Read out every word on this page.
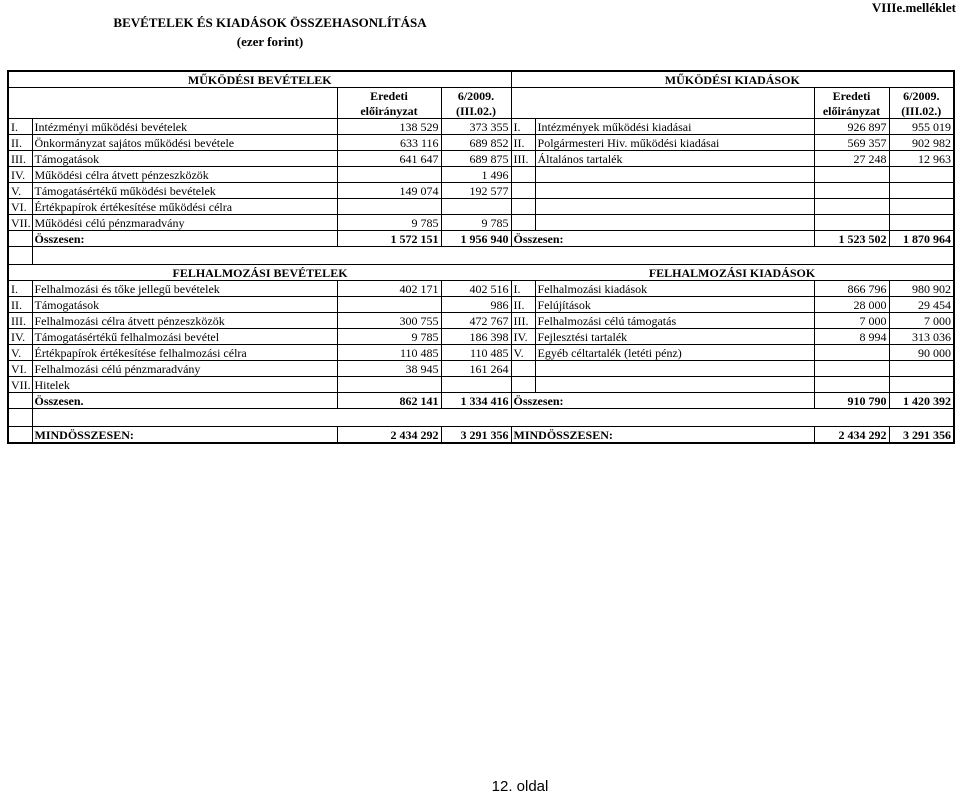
BEVÉTELEK ÉS KIADÁSOK ÖSSZEHASONLÍTÁSA
(ezer forint)
VIIIe.melléklet
MŰKÖDÉSI BEVÉTELEK				MŰKÖDÉSI KIADÁSOK			
		Eredeti	6/2009.			Eredeti	6/2009.
		előirányzat	(III.02.)			előirányzat	(III.02.)
I.	Intézményi működési bevételek	138 529	373 355	I.	Intézmények működési kiadásai	926 897	955 019
II.	Önkormányzat sajátos működési bevétele	633 116	689 852	II.	Polgármesteri Hiv. működési kiadásai	569 357	902 982
III.	Támogatások	641 647	689 875	III.	Általános tartalék	27 248	12 963
IV.	Működési célra átvett pénzeszközök		1 496				
V.	Támogatásértékű működési bevételek	149 074	192 577				
VI.	Értékpapírok értékesítése működési célra						
VII.	Működési célú pénzmaradvány	9 785	9 785				
	Összesen:	1 572 151	1 956 940	Összesen:		1 523 502	1 870 964

FELHALMOZÁSI BEVÉTELEK				FELHALMOZÁSI KIADÁSOK			
I.	Felhalmozási és tőke jellegű bevételek	402 171	402 516	I.	Felhalmozási kiadások	866 796	980 902
II.	Támogatások		986	II.	Felújítások	28 000	29 454
III.	Felhalmozási célra átvett pénzeszközök	300 755	472 767	III.	Felhalmozási célú támogatás	7 000	7 000
IV.	Támogatásértékű felhalmozási bevétel	9 785	186 398	IV.	Fejlesztési tartalék	8 994	313 036
V.	Értékpapírok értékesítése felhalmozási célra	110 485	110 485	V.	Egyéb céltartalék (letéti pénz)		90 000
VI.	Felhalmozási célú pénzmaradvány	38 945	161 264				
VII.	Hitelek						
	Összesen.	862 141	1 334 416	Összesen:		910 790	1 420 392

	MINDÖSSZESEN:	2 434 292	3 291 356	MINDÖSSZESEN:		2 434 292	3 291 356
12. oldal
